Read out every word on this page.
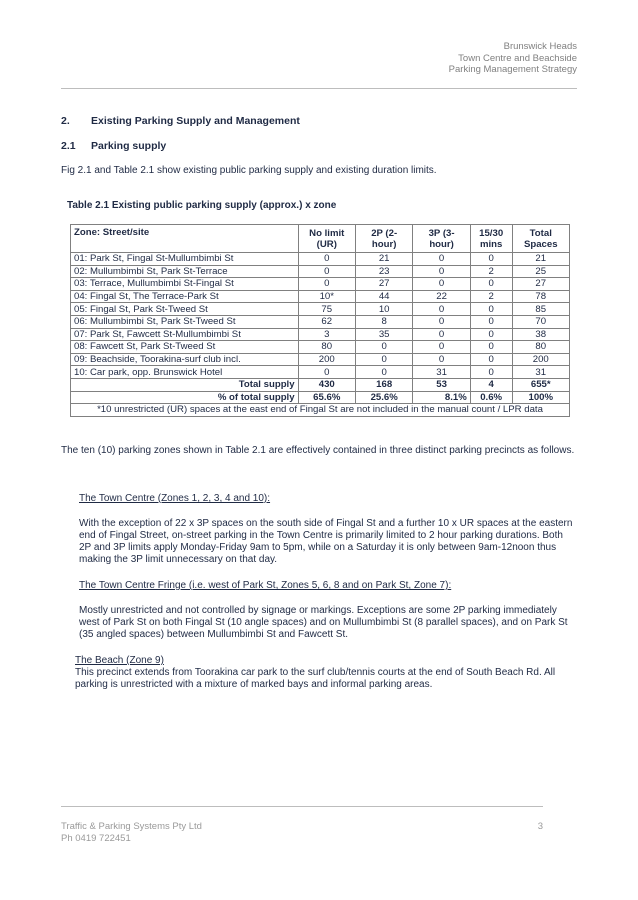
Brunswick Heads
Town Centre and Beachside
Parking Management Strategy
2. Existing Parking Supply and Management
2.1 Parking supply
Fig 2.1 and Table 2.1 show existing public parking supply and existing duration limits.
Table 2.1 Existing public parking supply (approx.) x zone
Zone: Street/site	No limit (UR)	2P (2-hour)	3P (3-hour)	15/30 mins	Total Spaces
01: Park St, Fingal St-Mullumbimbi St	0	21	0	0	21
02: Mullumbimbi St, Park St-Terrace	0	23	0	2	25
03: Terrace, Mullumbimbi St-Fingal St	0	27	0	0	27
04: Fingal St, The Terrace-Park St	10*	44	22	2	78
05: Fingal St, Park St-Tweed St	75	10	0	0	85
06: Mullumbimbi St, Park St-Tweed St	62	8	0	0	70
07: Park St, Fawcett St-Mullumbimbi St	3	35	0	0	38
08: Fawcett St, Park St-Tweed St	80	0	0	0	80
09: Beachside, Toorakina-surf club incl.	200	0	0	0	200
10: Car park, opp. Brunswick Hotel	0	0	31	0	31
Total supply	430	168	53	4	655*
% of total supply	65.6%	25.6%	8.1%	0.6%	100%
*10 unrestricted (UR) spaces at the east end of Fingal St are not included in the manual count / LPR data					
The ten (10) parking zones shown in Table 2.1 are effectively contained in three distinct parking precincts as follows.
The Town Centre (Zones 1, 2, 3, 4 and 10):
With the exception of 22 x 3P spaces on the south side of Fingal St and a further 10 x UR spaces at the eastern end of Fingal Street, on-street parking in the Town Centre is primarily limited to 2 hour parking durations. Both 2P and 3P limits apply Monday-Friday 9am to 5pm, while on a Saturday it is only between 9am-12noon thus making the 3P limit unnecessary on that day.
The Town Centre Fringe (i.e. west of Park St, Zones 5, 6, 8 and on Park St, Zone 7):
Mostly unrestricted and not controlled by signage or markings. Exceptions are some 2P parking immediately west of Park St on both Fingal St (10 angle spaces) and on Mullumbimbi St (8 parallel spaces), and on Park St (35 angled spaces) between Mullumbimbi St and Fawcett St.
The Beach (Zone 9)
This precinct extends from Toorakina car park to the surf club/tennis courts at the end of South Beach Rd. All parking is unrestricted with a mixture of marked bays and informal parking areas.
Traffic & Parking Systems Pty Ltd
Ph 0419 722451
3
